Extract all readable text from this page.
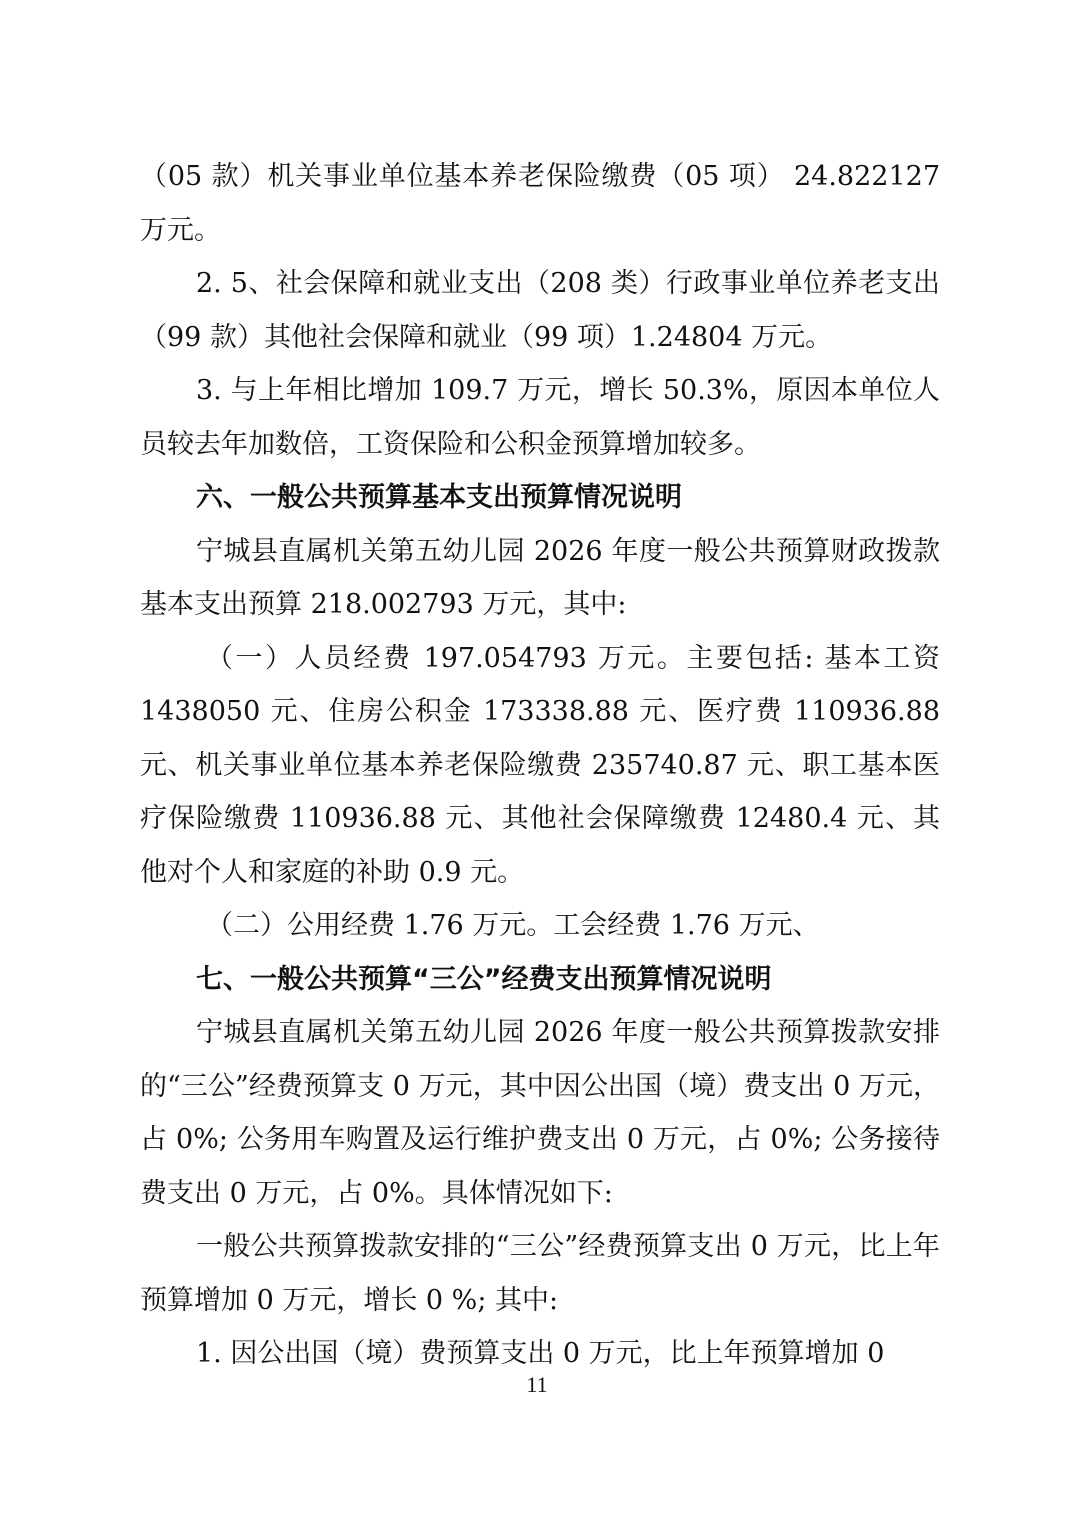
（05 款）机关事业单位基本养老保险缴费（05 项） 24.822127 万元。

2. 5、社会保障和就业支出（208 类）行政事业单位养老支出（99 款）其他社会保障和就业（99 项）1.24804 万元。

3. 与上年相比增加 109.7 万元，增长 50.3%，原因本单位人员较去年加数倍，工资保险和公积金预算增加较多。

六、一般公共预算基本支出预算情况说明

宁城县直属机关第五幼儿园 2026 年度一般公共预算财政拨款基本支出预算 218.002793 万元，其中:

（一）人员经费 197.054793 万元。主要包括: 基本工资 1438050 元、住房公积金 173338.88 元、医疗费 110936.88 元、机关事业单位基本养老保险缴费 235740.87 元、职工基本医疗保险缴费 110936.88 元、其他社会保障缴费 12480.4 元、其他对个人和家庭的补助 0.9 元。

（二）公用经费 1.76 万元。工会经费 1.76 万元、

七、一般公共预算“三公”经费支出预算情况说明

宁城县直属机关第五幼儿园 2026 年度一般公共预算拨款安排的“三公”经费预算支 0 万元，其中因公出国（境）费支出 0 万元，占 0%; 公务用车购置及运行维护费支出 0 万元，占 0%; 公务接待费支出 0 万元，占 0%。具体情况如下:

一般公共预算拨款安排的“三公”经费预算支出 0 万元，比上年预算增加 0 万元，增长 0 %; 其中:

1. 因公出国（境）费预算支出 0 万元，比上年预算增加 0

11
